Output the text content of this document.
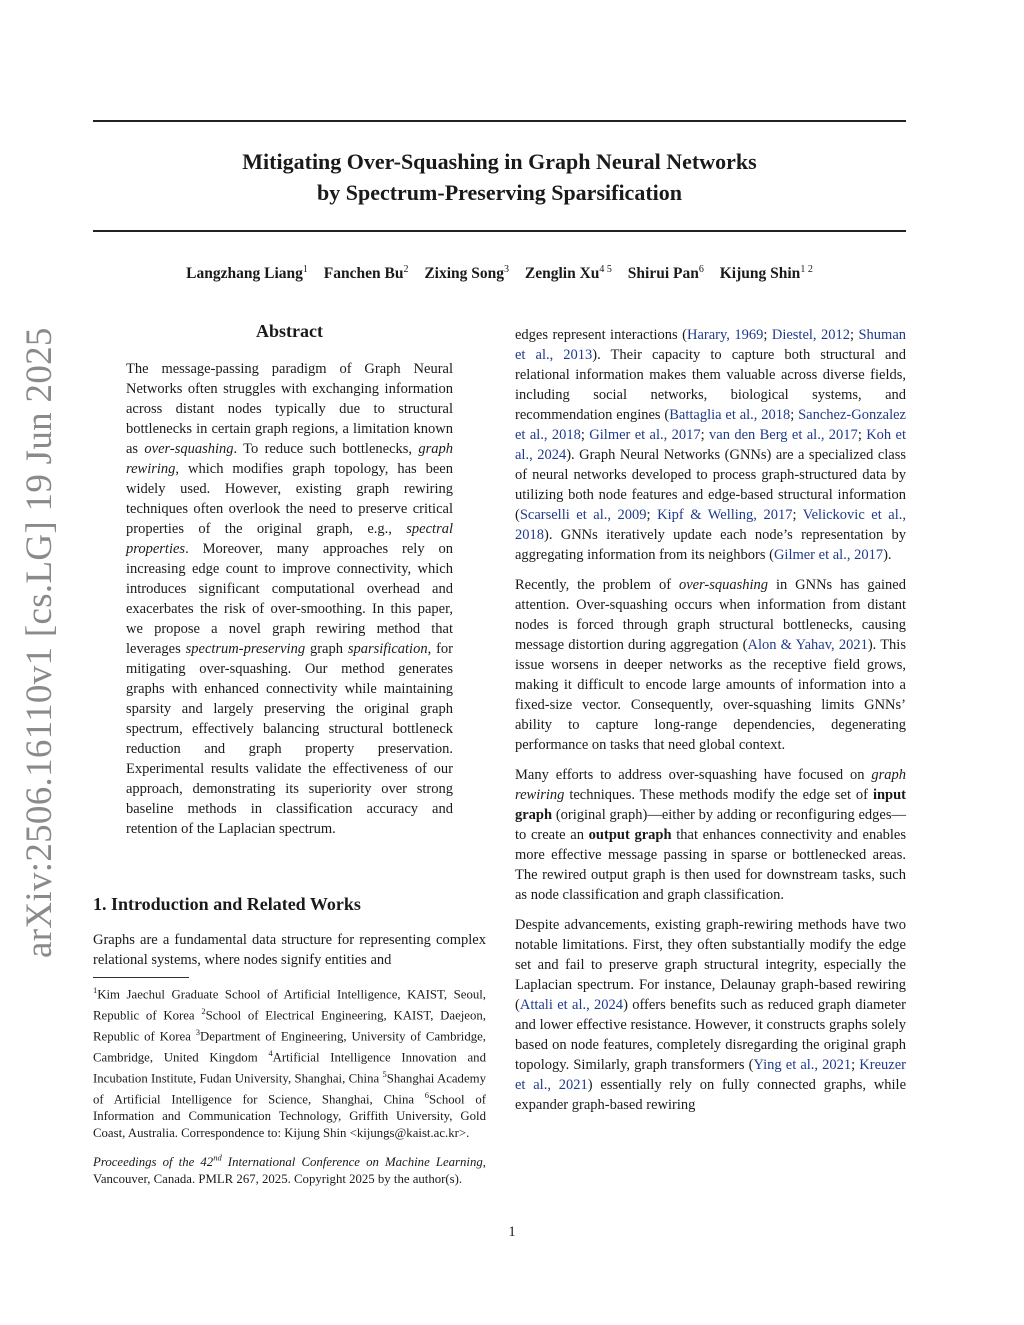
Mitigating Over-Squashing in Graph Neural Networks
by Spectrum-Preserving Sparsification
Langzhang Liang$^1$ Fanchen Bu$^2$ Zixing Song$^3$ Zenglin $Xu^{4 5}$ Shirui Pan$^6$ Kijung Shin$^{1 2}$
arXiv:2506.16110v1 [cs.LG] 19 Jun 2025	Abstract
The message-passing paradigm of Graph Neural Networks often struggles with exchanging information across distant nodes typically due to structural bottlenecks in certain graph regions, a limitation known as over-squashing. To reduce such bottlenecks, graph rewiring, which modifies graph topology, has been widely used. However, existing graph rewiring techniques often overlook the need to preserve critical properties of the original graph, e.g., spectral properties. Moreover, many approaches rely on increasing edge count to improve connectivity, which introduces significant computational overhead and exacerbates the risk of over-smoothing. In this paper, we propose a novel graph rewiring method that leverages spectrum-preserving graph sparsification, for mitigating over-squashing. Our method generates graphs with enhanced connectivity while maintaining sparsity and largely preserving the original graph spectrum, effectively balancing structural bottleneck reduction and graph property preservation. Experimental results validate the effectiveness of our approach, demonstrating its superiority over strong baseline methods in classification accuracy and retention of the Laplacian spectrum.
1. Introduction and Related Works
Graphs are a fundamental data structure for representing complex relational systems, where nodes signify entities and
$^1$Kim Jaechul Graduate School of Artificial Intelligence, KAIST, Seoul, Republic of Korea $^2$School of Electrical Engineering, KAIST, Daejeon, Republic of Korea $^3$Department of Engineering, University of Cambridge, Cambridge, United Kingdom $^4$Artificial Intelligence Innovation and Incubation Institute, Fudan University, Shanghai, China $^5$Shanghai Academy of Artificial Intelligence for Science, Shanghai, China $^6$School of Information and Communication Technology, Griffith University, Gold Coast, Australia. Correspondence to: Kijung Shin <kijungs@kaist.ac.kr>.
Proceedings of the 42nd International Conference on Machine Learning, Vancouver, Canada. PMLR 267, 2025. Copyright 2025 by the author(s).

edges represent interactions (Harary, 1969; Diestel, 2012; Shuman et al., 2013). Their capacity to capture both structural and relational information makes them valuable across diverse fields, including social networks, biological systems, and recommendation engines (Battaglia et al., 2018; Sanchez-Gonzalez et al., 2018; Gilmer et al., 2017; van den Berg et al., 2017; Koh et al., 2024). Graph Neural Networks (GNNs) are a specialized class of neural networks developed to process graph-structured data by utilizing both node features and edge-based structural information (Scarselli et al., 2009; Kipf & Welling, 2017; Velickovic et al., 2018). GNNs iteratively update each node’s representation by aggregating information from its neighbors (Gilmer et al., 2017).

Recently, the problem of over-squashing in GNNs has gained attention. Over-squashing occurs when information from distant nodes is forced through graph structural bottlenecks, causing message distortion during aggregation (Alon & Yahav, 2021). This issue worsens in deeper networks as the receptive field grows, making it difficult to encode large amounts of information into a fixed-size vector. Consequently, over-squashing limits GNNs’ ability to capture long-range dependencies, degenerating performance on tasks that need global context.

Many efforts to address over-squashing have focused on graph rewiring techniques. These methods modify the edge set of input graph (original graph)—either by adding or reconfiguring edges—to create an output graph that enhances connectivity and enables more effective message passing in sparse or bottlenecked areas. The rewired output graph is then used for downstream tasks, such as node classification and graph classification.

Despite advancements, existing graph-rewiring methods have two notable limitations. First, they often substantially modify the edge set and fail to preserve graph structural integrity, especially the Laplacian spectrum. For instance, Delaunay graph-based rewiring (Attali et al., 2024) offers benefits such as reduced graph diameter and lower effective resistance. However, it constructs graphs solely based on node features, completely disregarding the original graph topology. Similarly, graph transformers (Ying et al., 2021; Kreuzer et al., 2021) essentially rely on fully connected graphs, while expander graph-based rewiring

1
